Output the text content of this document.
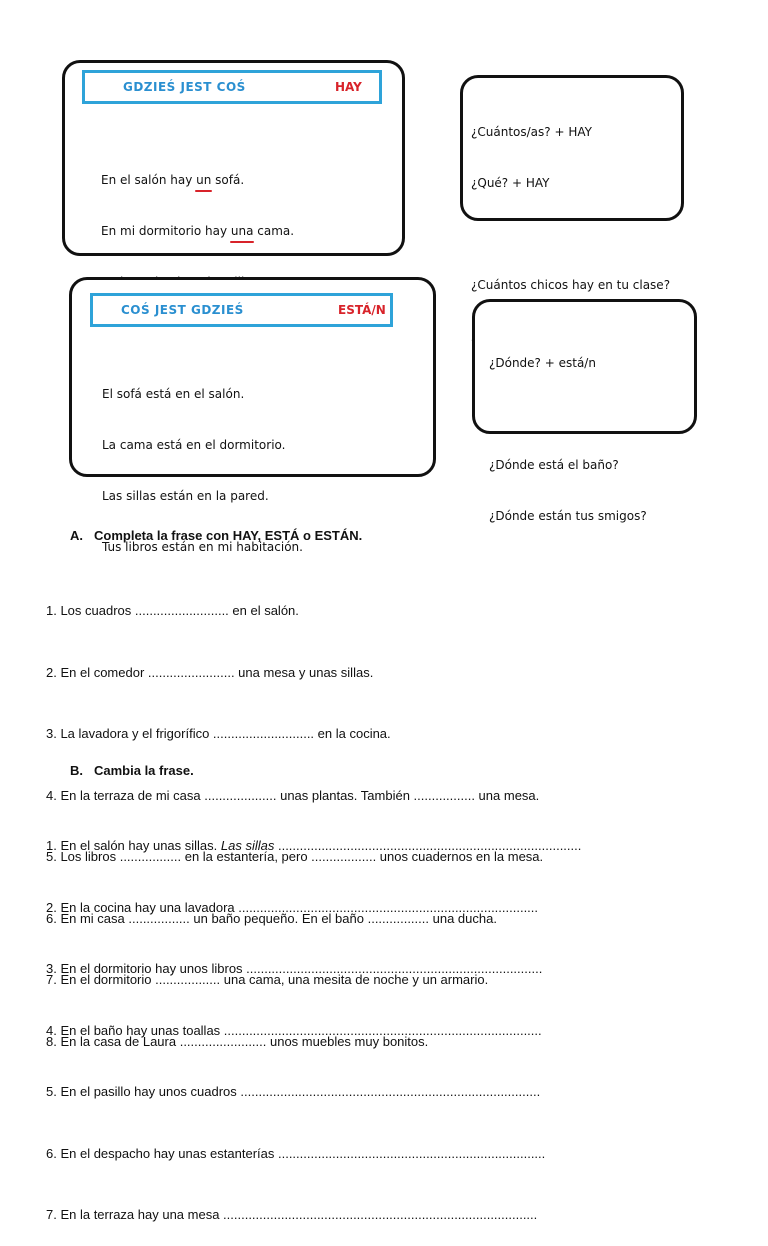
GDZIEŚ JEST COŚ	HAY

En el salón hay un sofá.

En mi dormitorio hay una cama.

¿Cuántos/as? + HAY

¿Qué? + HAY

¿Cuántos chicos hay en tu clase?

COŚ JEST GDZIEŚ	ESTÁ/N

El sofá está en el salón.

La cama está en el dormitorio.

Las sillas están en la pared.

Tus libros están en mi habitación.

¿Dónde? + está/n

¿Dónde está el baño?

¿Dónde están tus smigos?

A. Completa la frase con HAY, ESTÁ o ESTÁN.

1. Los cuadros .......................... en el salón.

2. En el comedor ........................ una mesa y unas sillas.

3. La lavadora y el frigorífico ............................ en la cocina.

4. En la terraza de mi casa .................... unas plantas. También ................. una mesa.

5. Los libros ................. en la estantería, pero .................. unos cuadernos en la mesa.

6. En mi casa ................. un baño pequeño. En el baño ................. una ducha.

7. En el dormitorio .................. una cama, una mesita de noche y un armario.

8. En la casa de Laura ........................ unos muebles muy bonitos.

B. Cambia la frase.

1. En el salón hay unas sillas. Las sillas ....................................................................................

2. En la cocina hay una lavadora ...................................................................................

3. En el dormitorio hay unos libros ..................................................................................

4. En el baño hay unas toallas ........................................................................................

5. En el pasillo hay unos cuadros ...................................................................................

6. En el despacho hay unas estanterías ..........................................................................

7. En la terraza hay una mesa .......................................................................................
